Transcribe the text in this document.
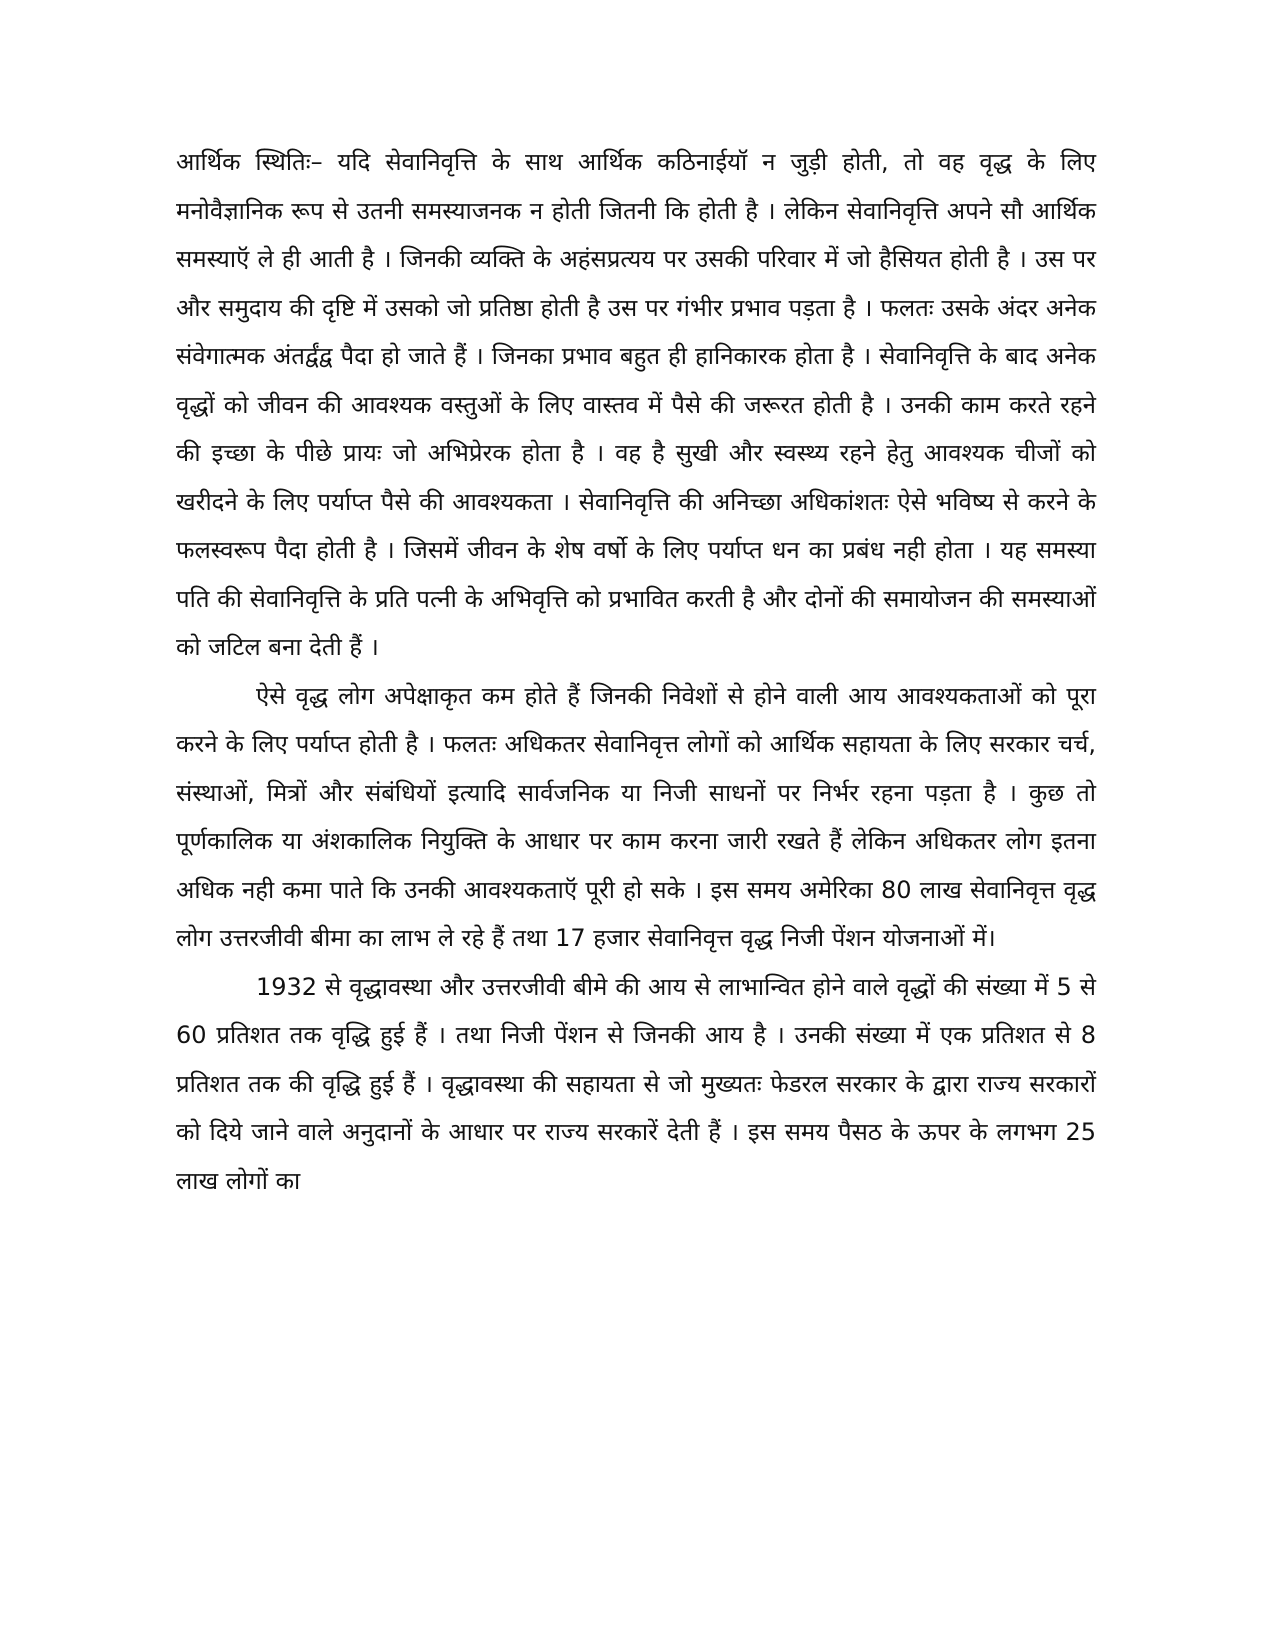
आर्थिक स्थितिः– यदि सेवानिवृत्ति के साथ आर्थिक कठिनाईयॉ न जुड़ी होती, तो वह वृद्ध के लिए मनोवैज्ञानिक रूप से उतनी समस्याजनक न होती जितनी कि होती है । लेकिन सेवानिवृत्ति अपने सौ आर्थिक समस्याऍ ले ही आती है । जिनकी व्यक्ति के अहंसप्रत्यय पर उसकी परिवार में जो हैसियत होती है । उस पर और समुदाय की दृष्टि में उसको जो प्रतिष्ठा होती है उस पर गंभीर प्रभाव पड़ता है । फलतः उसके अंदर अनेक संवेगात्मक अंतर्द्वंद्व पैदा हो जाते हैं । जिनका प्रभाव बहुत ही हानिकारक होता है । सेवानिवृत्ति के बाद अनेक वृद्धों को जीवन की आवश्यक वस्तुओं के लिए वास्तव में पैसे की जरूरत होती है । उनकी काम करते रहने की इच्छा के पीछे प्रायः जो अभिप्रेरक होता है । वह है सुखी और स्वस्थ्य रहने हेतु आवश्यक चीजों को खरीदने के लिए पर्याप्त पैसे की आवश्यकता । सेवानिवृत्ति की अनिच्छा अधिकांशतः ऐसे भविष्य से करने के फलस्वरूप पैदा होती है । जिसमें जीवन के शेष वर्षो के लिए पर्याप्त धन का प्रबंध नही होता । यह समस्या पति की सेवानिवृत्ति के प्रति पत्नी के अभिवृत्ति को प्रभावित करती है और दोनों की समायोजन की समस्याओं को जटिल बना देती हैं ।

ऐसे वृद्ध लोग अपेक्षाकृत कम होते हैं जिनकी निवेशों से होने वाली आय आवश्यकताओं को पूरा करने के लिए पर्याप्त होती है । फलतः अधिकतर सेवानिवृत्त लोगों को आर्थिक सहायता के लिए सरकार चर्च, संस्थाओं, मित्रों और संबंधियों इत्यादि सार्वजनिक या निजी साधनों पर निर्भर रहना पड़ता है । कुछ तो पूर्णकालिक या अंशकालिक नियुक्ति के आधार पर काम करना जारी रखते हैं लेकिन अधिकतर लोग इतना अधिक नही कमा पाते कि उनकी आवश्यकताऍ पूरी हो सके । इस समय अमेरिका 80 लाख सेवानिवृत्त वृद्ध लोग उत्तरजीवी बीमा का लाभ ले रहे हैं तथा 17 हजार सेवानिवृत्त वृद्ध निजी पेंशन योजनाओं में।

1932 से वृद्धावस्था और उत्तरजीवी बीमे की आय से लाभान्वित होने वाले वृद्धों की संख्या में 5 से 60 प्रतिशत तक वृद्धि हुई हैं । तथा निजी पेंशन से जिनकी आय है । उनकी संख्या में एक प्रतिशत से 8 प्रतिशत तक की वृद्धि हुई हैं । वृद्धावस्था की सहायता से जो मुख्यतः फेडरल सरकार के द्वारा राज्य सरकारों को दिये जाने वाले अनुदानों के आधार पर राज्य सरकारें देती हैं । इस समय पैसठ के ऊपर के लगभग 25 लाख लोगों का
